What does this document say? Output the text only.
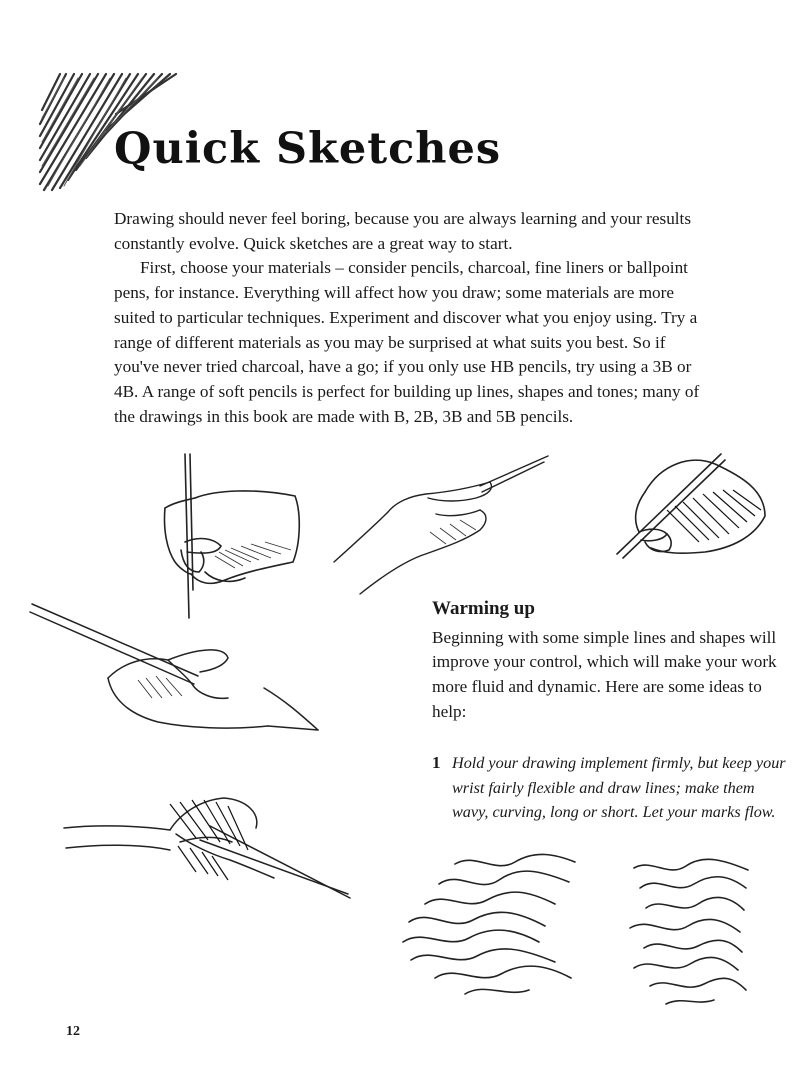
Quick Sketches

Drawing should never feel boring, because you are always learning and your results constantly evolve. Quick sketches are a great way to start.

First, choose your materials – consider pencils, charcoal, fine liners or ballpoint pens, for instance. Everything will affect how you draw; some materials are more suited to particular techniques. Experiment and discover what you enjoy using. Try a range of different materials as you may be surprised at what suits you best. So if you've never tried charcoal, have a go; if you only use HB pencils, try using a 3B or 4B. A range of soft pencils is perfect for building up lines, shapes and tones; many of the drawings in this book are made with B, 2B, 3B and 5B pencils.

Warming up

Beginning with some simple lines and shapes will improve your control, which will make your work more fluid and dynamic. Here are some ideas to help:

1 Hold your drawing implement firmly, but keep your wrist fairly flexible and draw lines; make them wavy, curving, long or short. Let your marks flow.
12
